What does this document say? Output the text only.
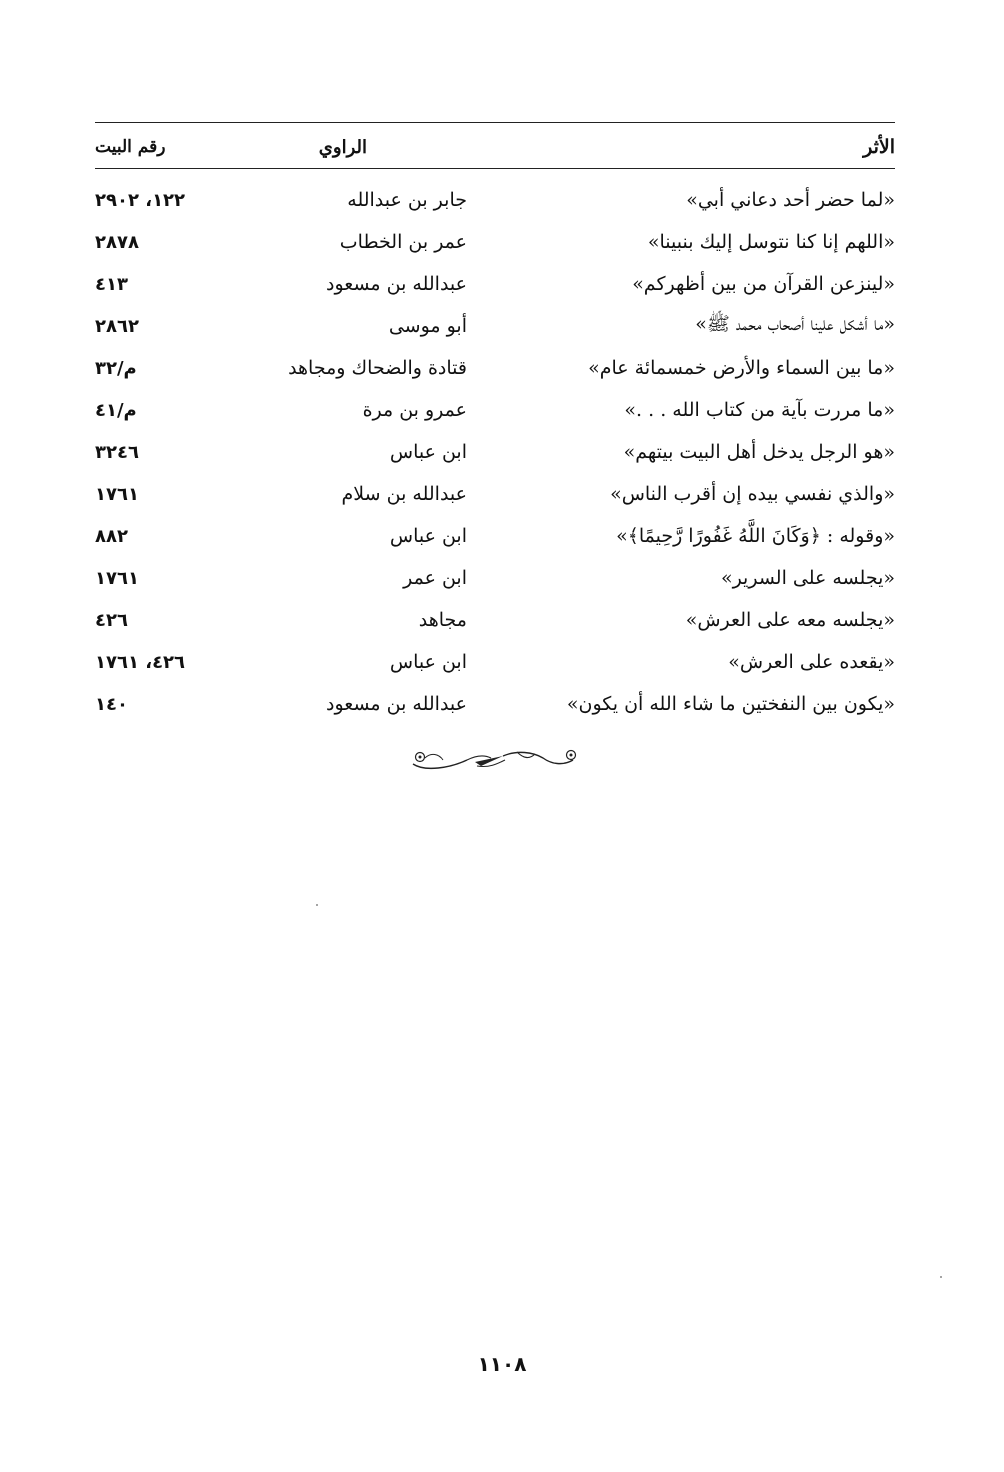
الأثر
الراوي
رقم البيت
«لما حضر أحد دعاني أبي»
جابر بن عبدالله
١٢٢، ٢٩٠٢
«اللهم إنا كنا نتوسل إليك بنبينا»
عمر بن الخطاب
٢٨٧٨
«لينزعن القرآن من بين أظهركم»
عبدالله بن مسعود
٤١٣
«ما أشكل علينا أصحاب محمد ﷺ»
أبو موسى
٢٨٦٢
«ما بين السماء والأرض خمسمائة عام»
قتادة والضحاك ومجاهد
م/٣٢
«ما مررت بآية من كتاب الله . . .»
عمرو بن مرة
م/٤١
«هو الرجل يدخل أهل البيت بيتهم»
ابن عباس
٣٢٤٦
«والذي نفسي بيده إن أقرب الناس»
عبدالله بن سلام
١٧٦١
«وقوله : ﴿وَكَانَ اللَّهُ غَفُورًا رَّحِيمًا﴾»
ابن عباس
٨٨٢
«يجلسه على السرير»
ابن عمر
١٧٦١
«يجلسه معه على العرش»
مجاهد
٤٢٦
«يقعده على العرش»
ابن عباس
٤٢٦، ١٧٦١
«يكون بين النفختين ما شاء الله أن يكون»
عبدالله بن مسعود
١٤٠
١١٠٨
